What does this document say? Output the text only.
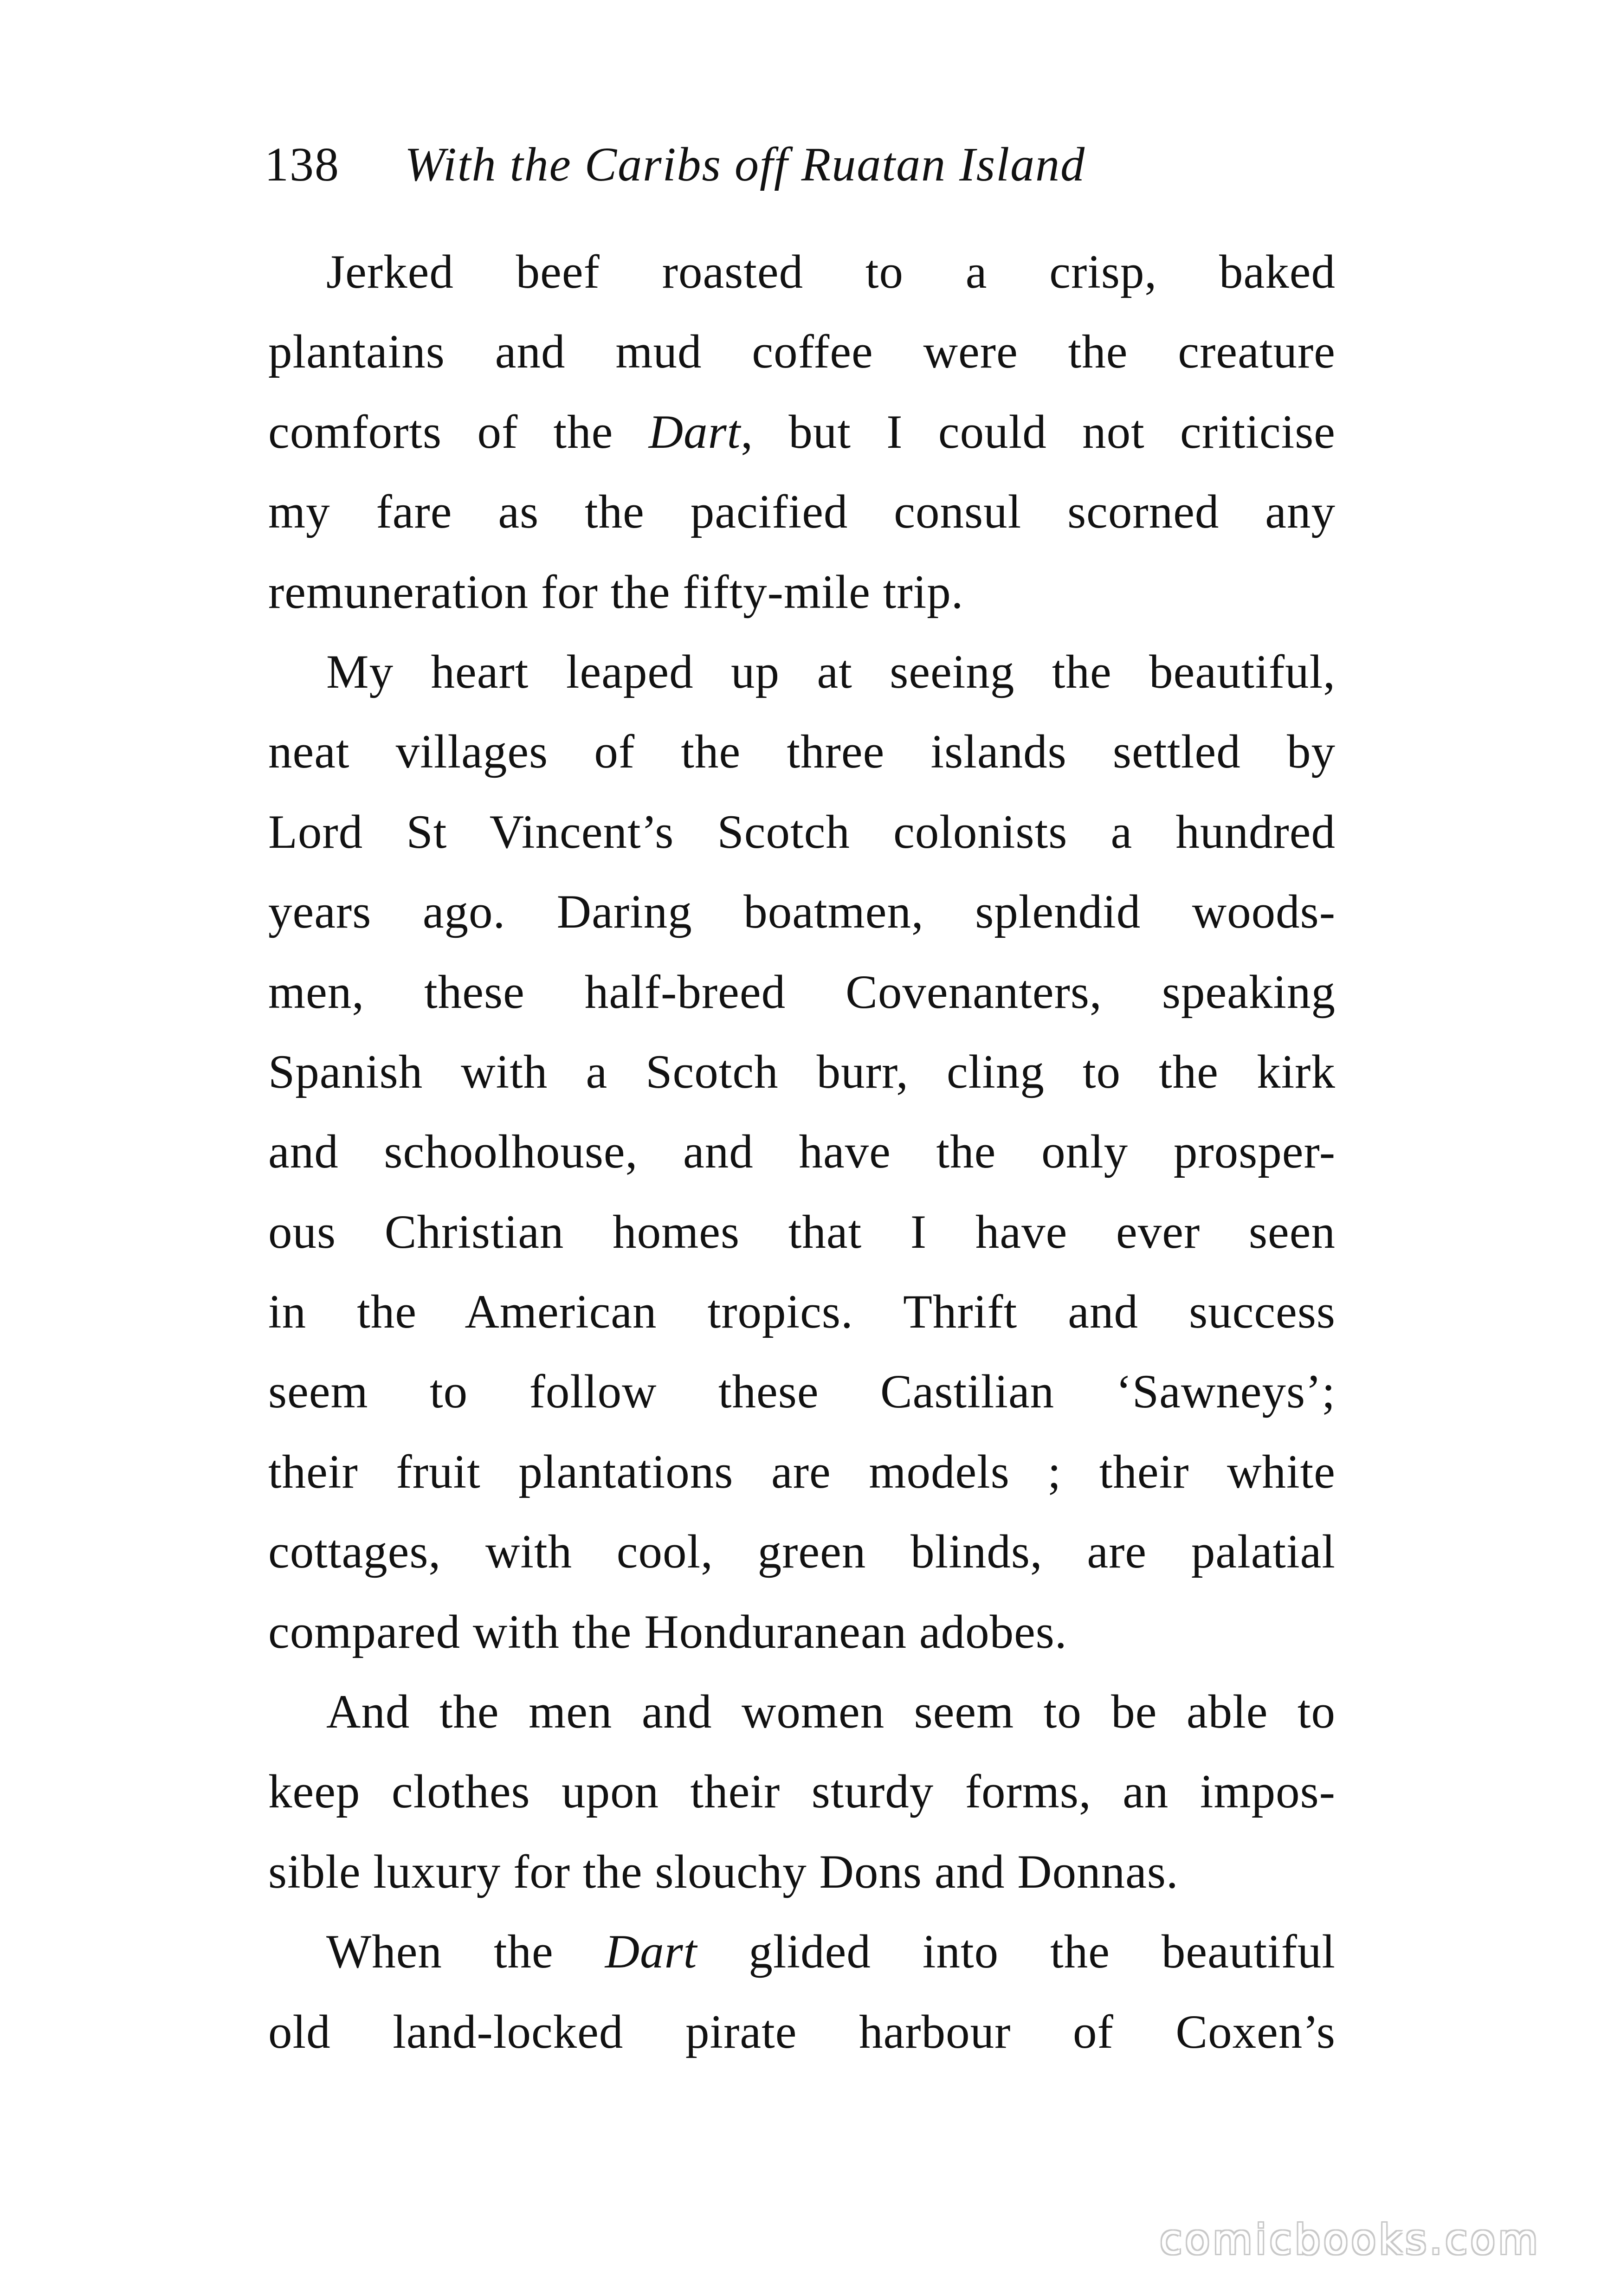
138 With the Caribs off Ruatan Island
Jerked beef roasted to a crisp, baked
plantains and mud coffee were the creature
comforts of the Dart, but I could not criticise
my fare as the pacified consul scorned any
remuneration for the fifty-mile trip.
My heart leaped up at seeing the beautiful,
neat villages of the three islands settled by
Lord St Vincent’s Scotch colonists a hundred
years ago. Daring boatmen, splendid woods-
men, these half-breed Covenanters, speaking
Spanish with a Scotch burr, cling to the kirk
and schoolhouse, and have the only prosper-
ous Christian homes that I have ever seen
in the American tropics. Thrift and success
seem to follow these Castilian ‘Sawneys’;
their fruit plantations are models ; their white
cottages, with cool, green blinds, are palatial
compared with the Honduranean adobes.
And the men and women seem to be able to
keep clothes upon their sturdy forms, an impos-
sible luxury for the slouchy Dons and Donnas.
When the Dart glided into the beautiful
old land-locked pirate harbour of Coxen’s
comicbooks.com
